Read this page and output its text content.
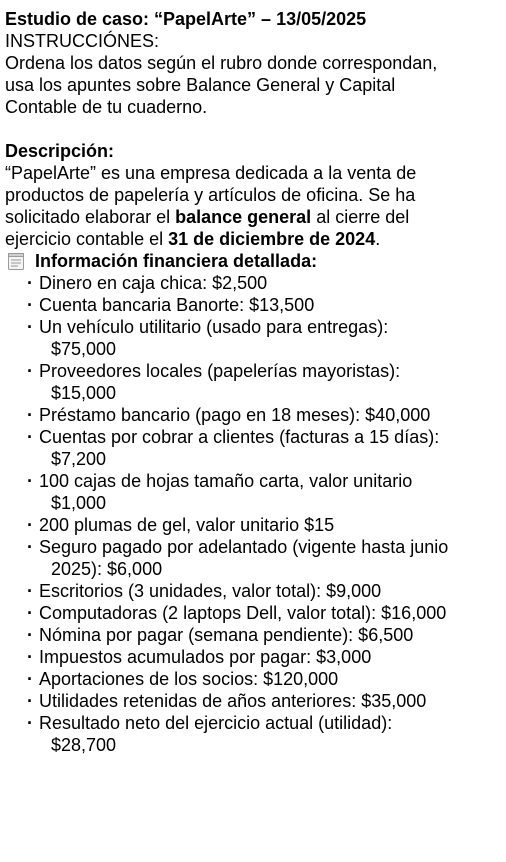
Estudio de caso: “PapelArte” – 13/05/2025

INSTRUCCIÓNES:

Ordena los datos según el rubro donde correspondan,

usa los apuntes sobre Balance General y Capital

Contable de tu cuaderno.

Descripción:

“PapelArte” es una empresa dedicada a la venta de

productos de papelería y artículos de oficina. Se ha

solicitado elaborar el balance general al cierre del

ejercicio contable el 31 de diciembre de 2024.

Información financiera detallada:

· Dinero en caja chica: $2,500
· Cuenta bancaria Banorte: $13,500
· Un vehículo utilitario (usado para entregas):
$75,000
· Proveedores locales (papelerías mayoristas):
$15,000
· Préstamo bancario (pago en 18 meses): $40,000
· Cuentas por cobrar a clientes (facturas a 15 días):
$7,200
· 100 cajas de hojas tamaño carta, valor unitario
$1,000
· 200 plumas de gel, valor unitario $15
· Seguro pagado por adelantado (vigente hasta junio
2025): $6,000
· Escritorios (3 unidades, valor total): $9,000
· Computadoras (2 laptops Dell, valor total): $16,000
· Nómina por pagar (semana pendiente): $6,500
· Impuestos acumulados por pagar: $3,000
· Aportaciones de los socios: $120,000
· Utilidades retenidas de años anteriores: $35,000
· Resultado neto del ejercicio actual (utilidad):
$28,700
